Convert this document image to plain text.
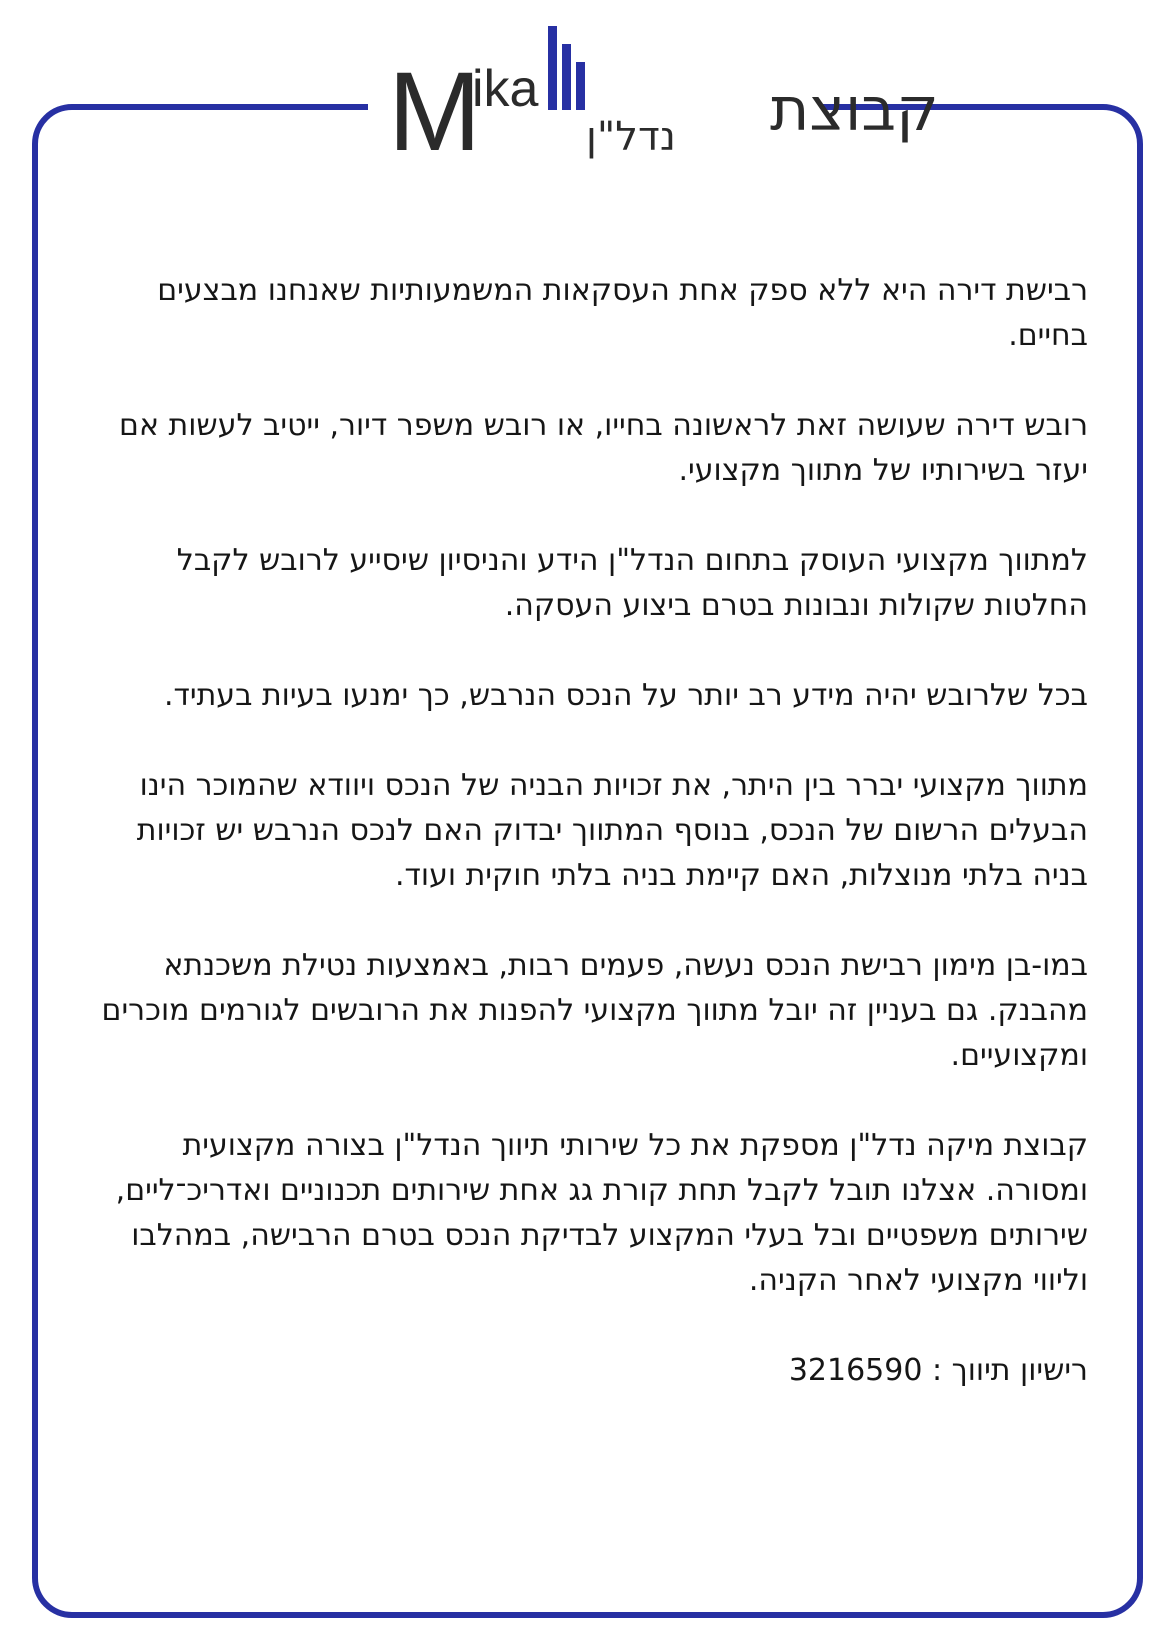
M
ika
נדל"ן קבוצת

רבישת דירה היא ללא ספק אחת העסקאות המשמעותיות שאנחנו מבצעים בחיים.

רובש דירה שעושה זאת לראשונה בחייו, או רובש משפר דיור, ייטיב לעשות אם יעזר בשירותיו של מתווך מקצועי.

למתווך מקצועי העוסק בתחום הנדל"ן הידע והניסיון שיסייע לרובש לקבל החלטות שקולות ונבונות בטרם ביצוע העסקה.

בכל שלרובש יהיה מידע רב יותר על הנכס הנרבש, כך ימנעו בעיות בעתיד.

מתווך מקצועי יברר בין היתר, את זכויות הבניה של הנכס ויוודא שהמוכר הינו הבעלים הרשום של הנכס, בנוסף המתווך יבדוק האם לנכס הנרבש יש זכויות בניה בלתי מנוצלות, האם קיימת בניה בלתי חוקית ועוד.

במו-בן מימון רבישת הנכס נעשה, פעמים רבות, באמצעות נטילת משכנתא מהבנק. גם בעניין זה יובל מתווך מקצועי להפנות את הרובשים לגורמים מוכרים ומקצועיים.

קבוצת מיקה נדל"ן מספקת את כל שירותי תיווך הנדל"ן בצורה מקצועית ומסורה. אצלנו תובל לקבל תחת קורת גג אחת שירותים תכנוניים ואדריכ־ליים, שירותים משפטיים ובל בעלי המקצוע לבדיקת הנכס בטרם הרבישה, במהלבו וליווי מקצועי לאחר הקניה.

רישיון תיווך : 3216590
